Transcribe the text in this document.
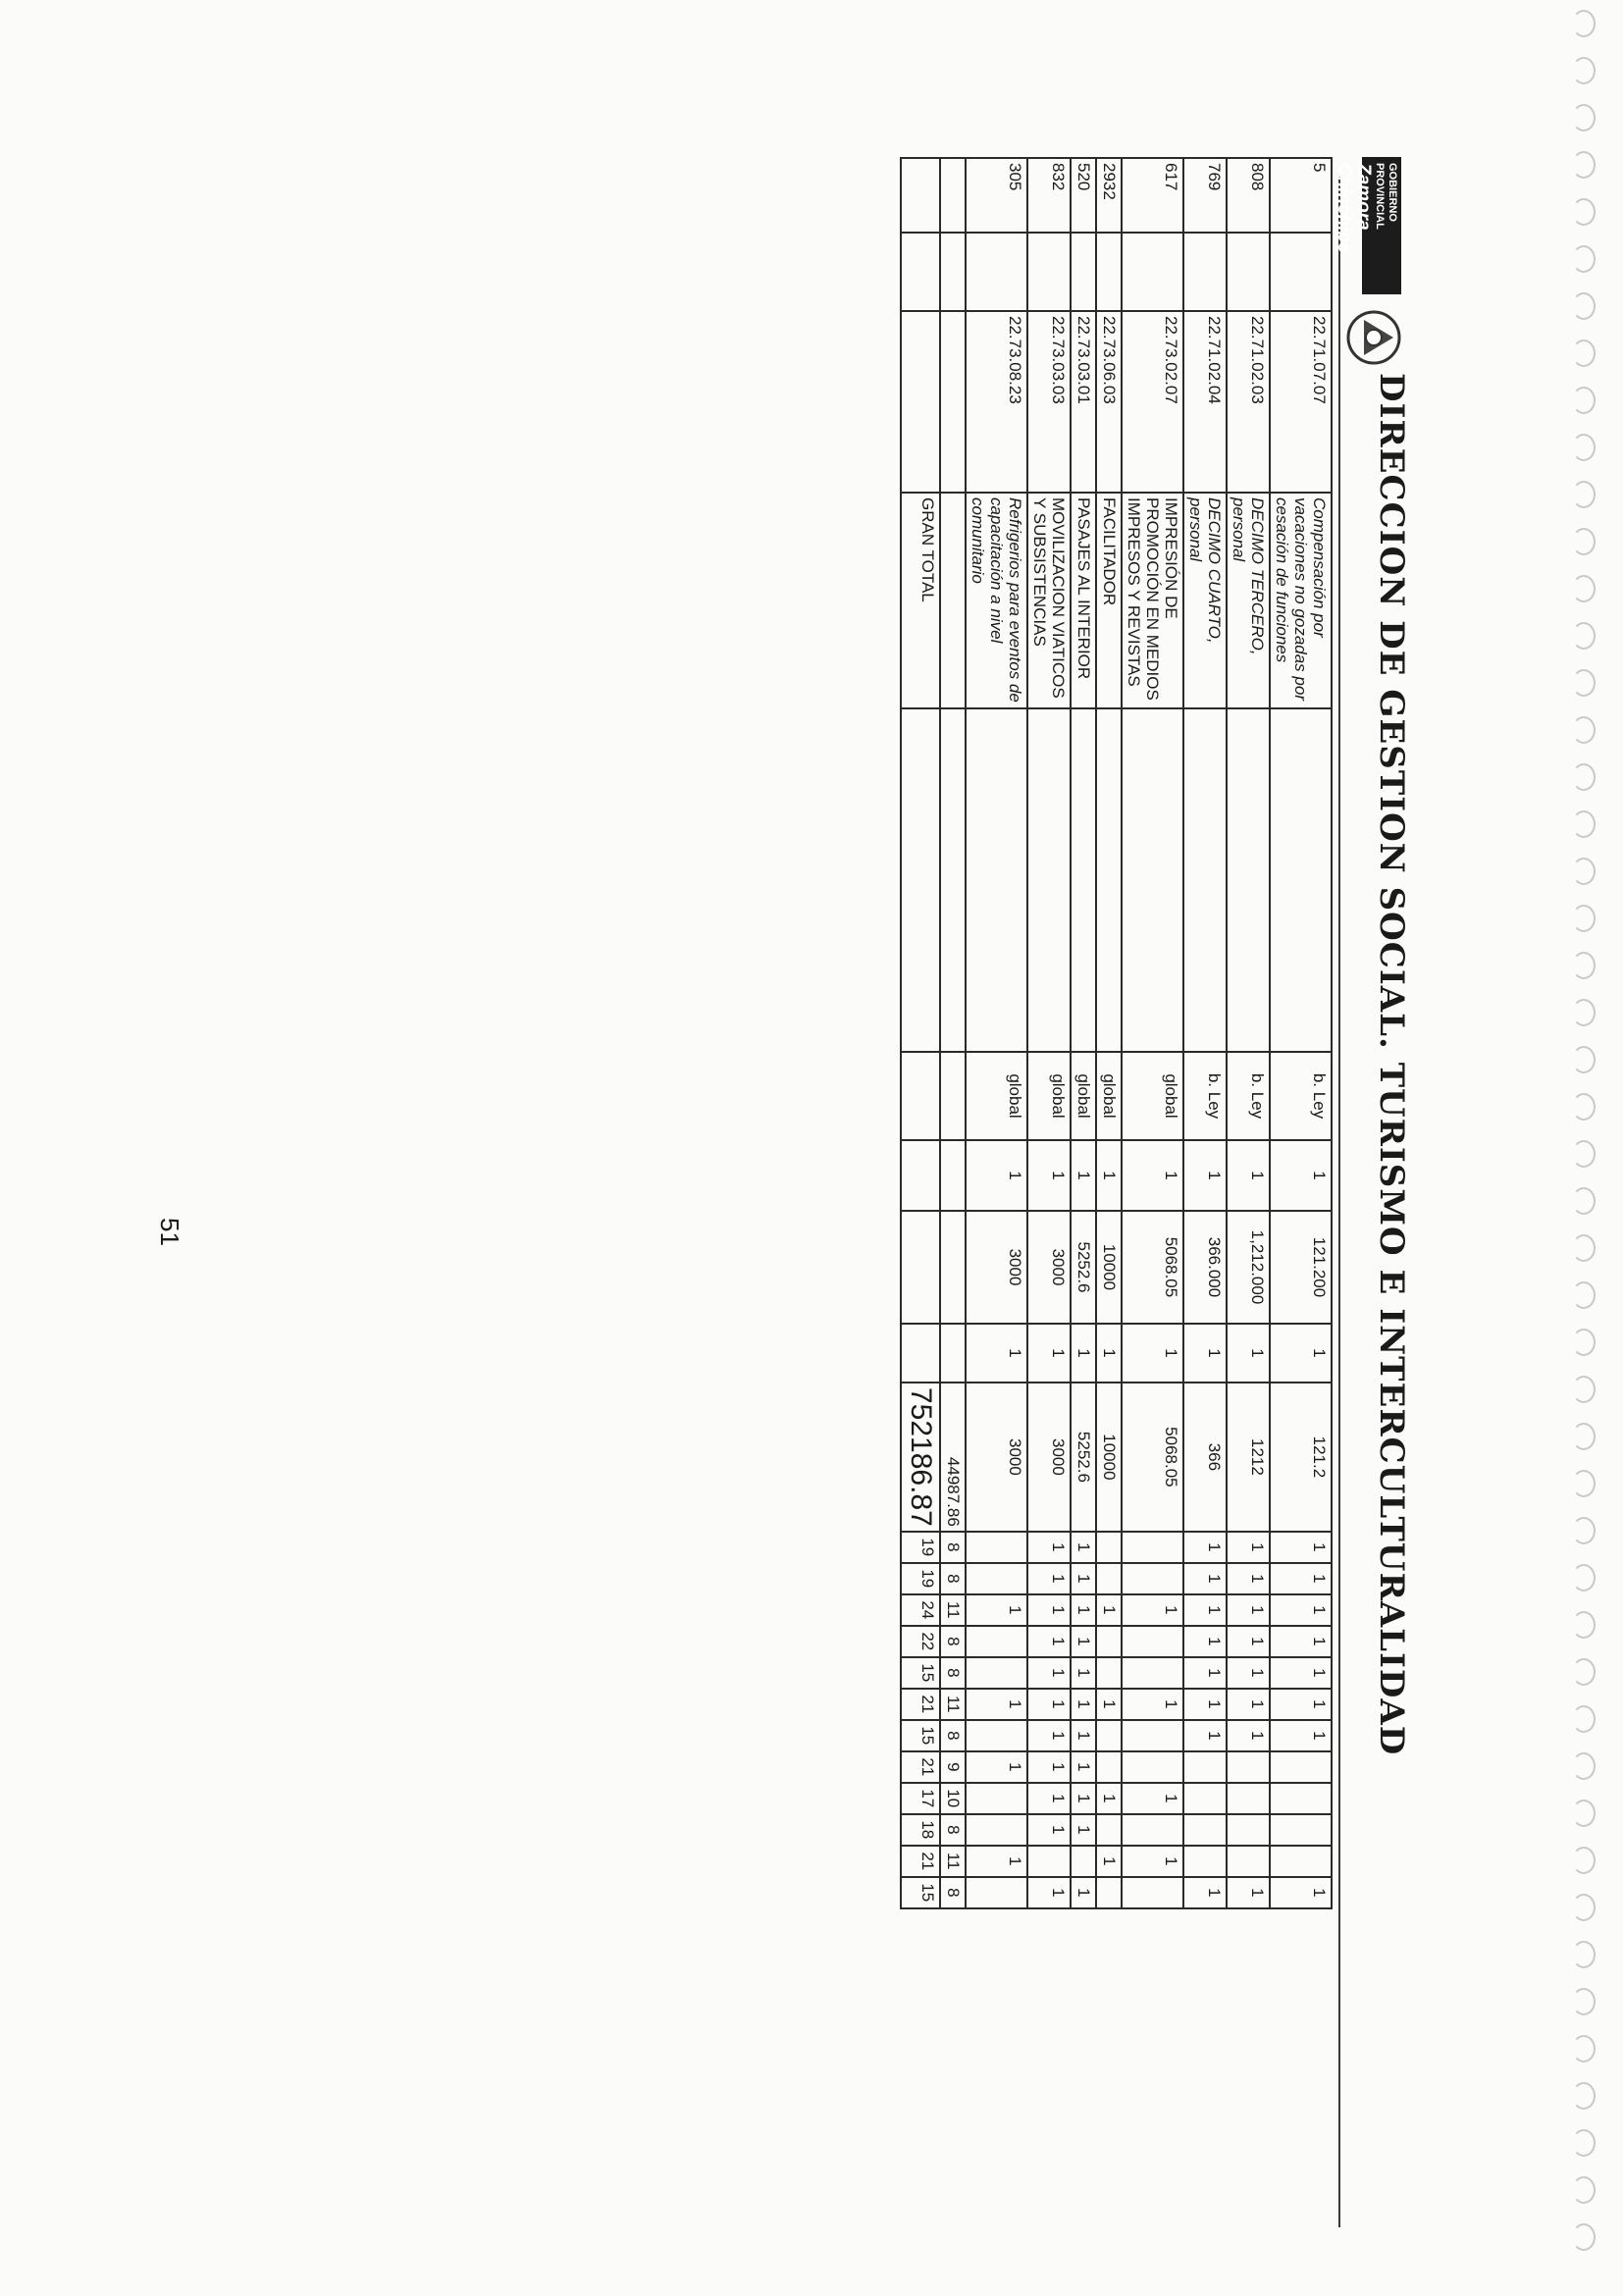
51
GOBIERNO PROVINCIAL
Zamora Chinchipe
DIRECCION DE GESTION SOCIAL. TURISMO E INTERCULTURALIDAD
5		22.71.07.07	Compensación por vacaciones no gozadas por cesación de funciones		b. Ley	1	121.200	1	121.2	1	1	1	1	1	1	1					1
808		22.71.02.03	DECIMO TERCERO, personal		b. Ley	1	1,212.000	1	1212	1	1	1	1	1	1	1					1
769		22.71.02.04	DECIMO CUARTO, personal		b. Ley	1	366.000	1	366	1	1	1	1	1	1	1					1
617		22.73.02.07	IMPRESIÓN DE PROMOCIÓN EN MEDIOS IMPRESOS Y REVISTAS		global	1	5068.05	1	5068.05			1			1			1		1	
2932		22.73.06.03	FACILITADOR		global	1	10000	1	10000			1			1			1		1	
520		22.73.03.01	PASAJES AL INTERIOR		global	1	5252.6	1	5252.6	1	1	1	1	1	1	1	1	1	1		1
832		22.73.03.03	MOVILIZACION VIATICOS Y SUBSISTENCIAS		global	1	3000	1	3000	1	1	1	1	1	1	1	1	1	1		1
305		22.73.08.23	Refrigerios para eventos de capacitación a nivel comunitario		global	1	3000	1	3000			1			1		1			1	
									44987.86	8	8	11	8	8	11	8	9	10	8	11	8
			GRAN TOTAL						752186.87	19	19	24	22	15	21	15	21	17	18	21	15
